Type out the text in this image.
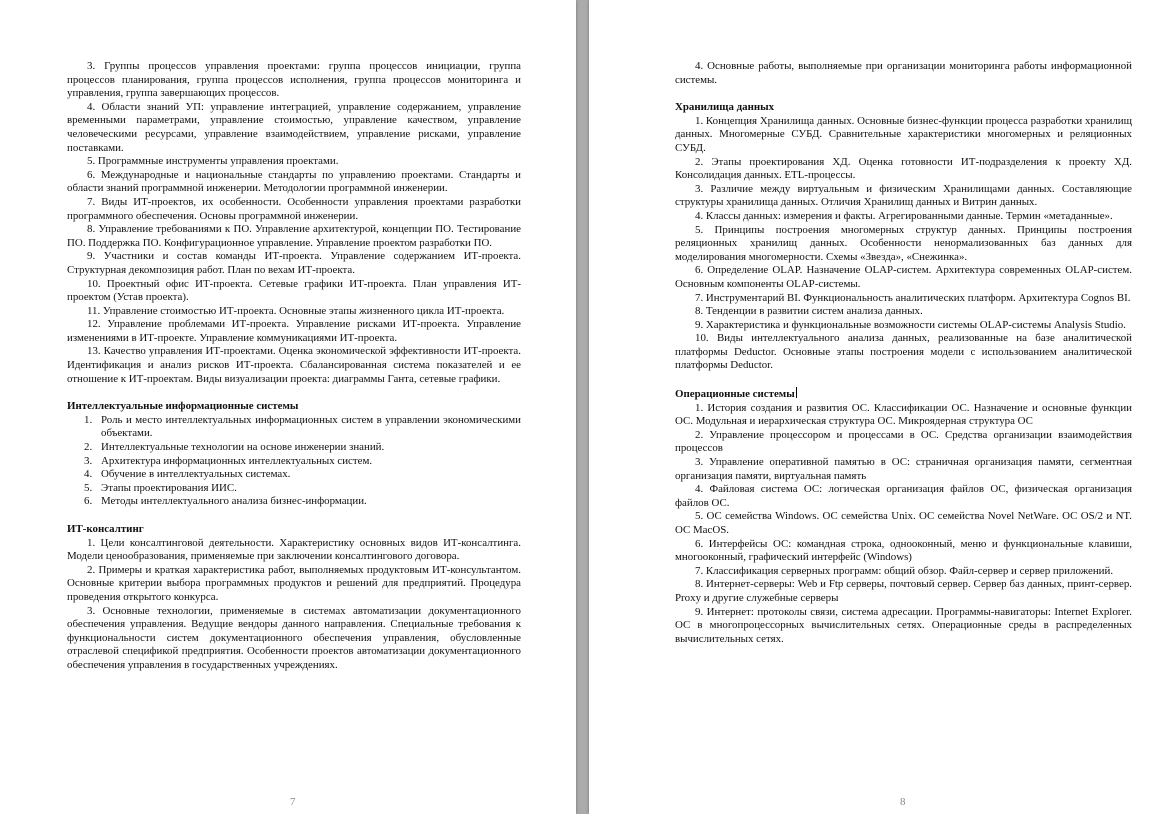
3. Группы процессов управления проектами: группа процессов инициации, группа процессов планирования, группа процессов исполнения, группа процессов мониторинга и управления, группа завершающих процессов.

4. Области знаний УП: управление интеграцией, управление содержанием, управление временными параметрами, управление стоимостью, управление качеством, управление человеческими ресурсами, управление взаимодействием, управление рисками, управление поставками.

5. Программные инструменты управления проектами.

6. Международные и национальные стандарты по управлению проектами. Стандарты и области знаний программной инженерии. Методологии программной инженерии.

7. Виды ИТ-проектов, их особенности. Особенности управления проектами разработки программного обеспечения. Основы программной инженерии.

8. Управление требованиями к ПО. Управление архитектурой, концепции ПО. Тестирование ПО. Поддержка ПО. Конфигурационное управление. Управление проектом разработки ПО.

9. Участники и состав команды ИТ-проекта. Управление содержанием ИТ-проекта. Структурная декомпозиция работ. План по вехам ИТ-проекта.

10. Проектный офис ИТ-проекта. Сетевые графики ИТ-проекта. План управления ИТ-проектом (Устав проекта).

11. Управление стоимостью ИТ-проекта. Основные этапы жизненного цикла ИТ-проекта.

12. Управление проблемами ИТ-проекта. Управление рисками ИТ-проекта. Управление изменениями в ИТ-проекте. Управление коммуникациями ИТ-проекта.

13. Качество управления ИТ-проектами. Оценка экономической эффективности ИТ-проекта. Идентификация и анализ рисков ИТ-проекта. Сбалансированная система показателей и ее отношение к ИТ-проектам. Виды визуализации проекта: диаграммы Ганта, сетевые графики.

Интеллектуальные информационные системы

1. Роль и место интеллектуальных информационных систем в управлении экономическими объектами.
2. Интеллектуальные технологии на основе инженерии знаний.
3. Архитектура информационных интеллектуальных систем.
4. Обучение в интеллектуальных системах.
5. Этапы проектирования ИИС.
6. Методы интеллектуального анализа бизнес-информации.

ИТ-консалтинг

1. Цели консалтинговой деятельности. Характеристику основных видов ИТ-консалтинга. Модели ценообразования, применяемые при заключении консалтингового договора.

2. Примеры и краткая характеристика работ, выполняемых продуктовым ИТ-консультантом. Основные критерии выбора программных продуктов и решений для предприятий. Процедура проведения открытого конкурса.

3. Основные технологии, применяемые в системах автоматизации документационного обеспечения управления. Ведущие вендоры данного направления. Специальные требования к функциональности систем документационного обеспечения управления, обусловленные отраслевой спецификой предприятия. Особенности проектов автоматизации документационного обеспечения управления в государственных учреждениях.

7

4. Основные работы, выполняемые при организации мониторинга работы информационной системы.

Хранилища данных

1. Концепция Хранилища данных. Основные бизнес-функции процесса разработки хранилищ данных. Многомерные СУБД. Сравнительные характеристики многомерных и реляционных СУБД.

2. Этапы проектирования ХД. Оценка готовности ИТ-подразделения к проекту ХД. Консолидация данных. ETL-процессы.

3. Различие между виртуальным и физическим Хранилищами данных. Составляющие структуры хранилища данных. Отличия Хранилищ данных и Витрин данных.

4. Классы данных: измерения и факты. Агрегированными данные. Термин «метаданные».

5. Принципы построения многомерных структур данных. Принципы построения реляционных хранилищ данных. Особенности ненормализованных баз данных для моделирования многомерности. Схемы «Звезда», «Снежинка».

6. Определение OLAP. Назначение OLAP-систем. Архитектура современных OLAP-систем. Основным компоненты OLAP-системы.

7. Инструментарий BI. Функциональность аналитических платформ. Архитектура Cognos BI.

8. Тенденции в развитии систем анализа данных.

9. Характеристика и функциональные возможности системы OLAP-системы Analysis Studio.

10. Виды интеллектуального анализа данных, реализованные на базе аналитической платформы Deductor. Основные этапы построения модели с использованием аналитической платформы Deductor.

Операционные системы

1. История создания и развития ОС. Классификации ОС. Назначение и основные функции ОС. Модульная и иерархическая структура ОС. Микроядерная структура ОС

2. Управление процессором и процессами в ОС. Средства организации взаимодействия процессов

3. Управление оперативной памятью в ОС: страничная организация памяти, сегментная организация памяти, виртуальная память

4. Файловая система ОС: логическая организация файлов ОС, физическая организация файлов ОС.

5. ОС семейства Windows. ОС семейства Unix. ОС семейства Novel NetWare. ОС OS/2 и NT. ОС MacOS.

6. Интерфейсы ОС: командная строка, однооконный, меню и функциональные клавиши, многооконный, графический интерфейс (Windows)

7. Классификация серверных программ: общий обзор. Файл-сервер и сервер приложений.

8. Интернет-серверы: Web и Ftp серверы, почтовый сервер. Сервер баз данных, принт-сервер. Proxy и другие служебные серверы

9. Интернет: протоколы связи, система адресации. Программы-навигаторы: Internet Explorer. ОС в многопроцессорных вычислительных сетях. Операционные среды в распределенных вычислительных сетях.

8
